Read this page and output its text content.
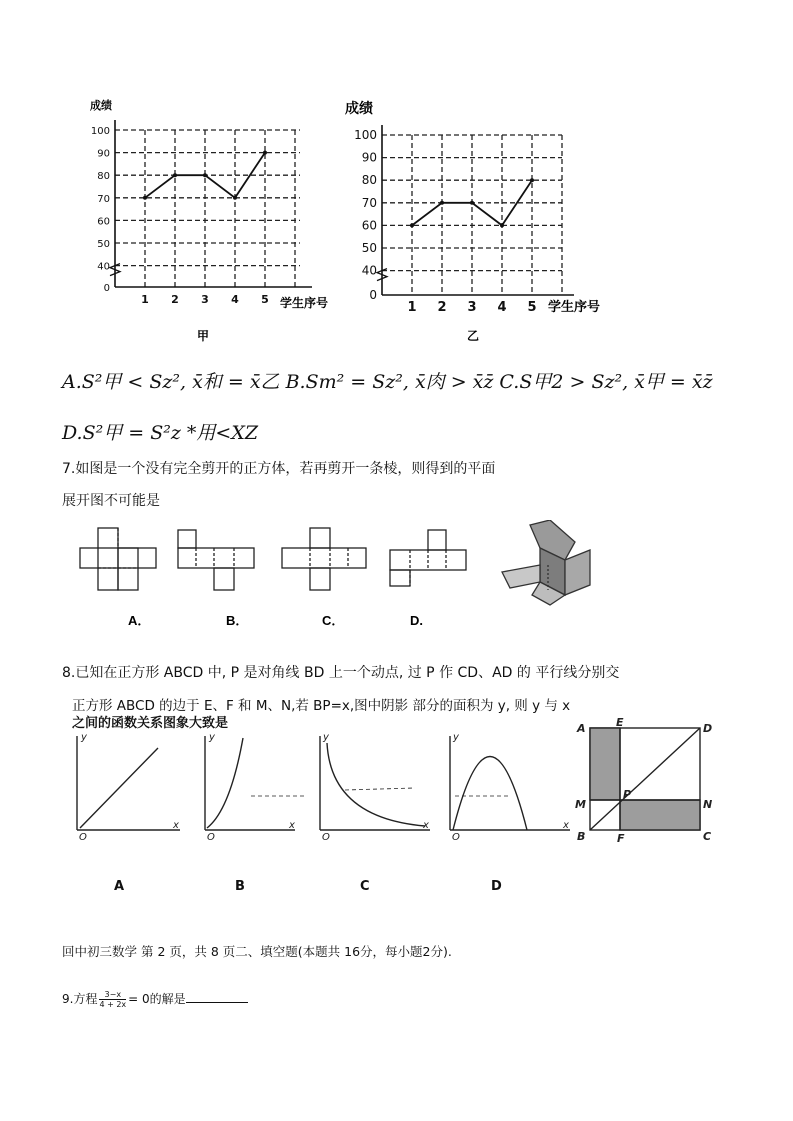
成绩
0
40
50
60
70
80
90
100
1 2 3 4 5 学生序号
甲
成绩
0
40
50
60
70
80
90
100
1 2 3 4 5 学生序号
乙
A.S²甲 < Sz², x̄和 = x̄乙 B.Sm² = Sz², x̄肉 > x̄z̄ C.S甲2 > Sz², x̄甲 = x̄z̄
D.S²甲 = S²z *用<XZ
7.如图是一个没有完全剪开的正方体，若再剪开一条棱，则得到的平面
展开图不可能是
A．	B．	C．	D.
8.已知在正方形 ABCD 中, P 是对角线 BD 上一个动点, 过 P 作 CD、AD 的 平行线分别交
正方形 ABCD 的边于 E、F 和 M、N,若 BP=x,图中阴影 部分的面积为 y, 则 y 与 x
之间的函数关系图象大致是
y
x
O
y
x
O
y
x
O
y
x
O
A	E	D
M
P
N
B	F	C
A	B	C	D
回中初三数学 第 2 页，共 8 页二、填空题(本题共 16分，每小题2分).
9.方程 $\frac{3-x}{4 + 2x} = 0$的解是
